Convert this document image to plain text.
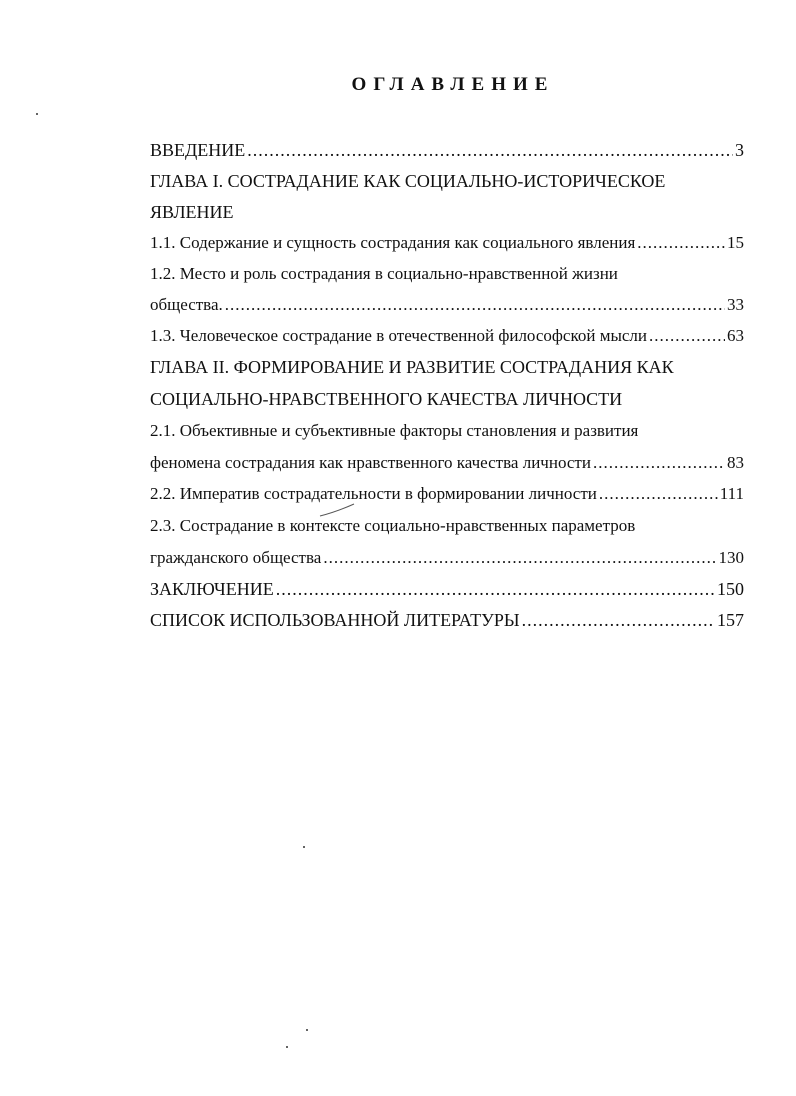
ОГЛАВЛЕНИЕ
ВВЕДЕНИЕ .....	3
ГЛАВА I. СОСТРАДАНИЕ КАК СОЦИАЛЬНО-ИСТОРИЧЕСКОЕ
ЯВЛЕНИЕ
1.1. Содержание и сущность сострадания как социального явления .....	15
1.2. Место и роль сострадания в социально-нравственной жизни
общества. .....	33
1.3. Человеческое сострадание в отечественной философской мысли .....	63
ГЛАВА II. ФОРМИРОВАНИЕ И РАЗВИТИЕ СОСТРАДАНИЯ КАК
СОЦИАЛЬНО-НРАВСТВЕННОГО КАЧЕСТВА ЛИЧНОСТИ
2.1. Объективные и субъективные факторы становления и развития
феномена сострадания как нравственного качества личности .....	83
2.2. Императив сострадательности в формировании личности .....	111
2.3. Сострадание в контексте социально-нравственных параметров
гражданского общества .....	130
ЗАКЛЮЧЕНИЕ .....	150
СПИСОК ИСПОЛЬЗОВАННОЙ ЛИТЕРАТУРЫ .....	157
